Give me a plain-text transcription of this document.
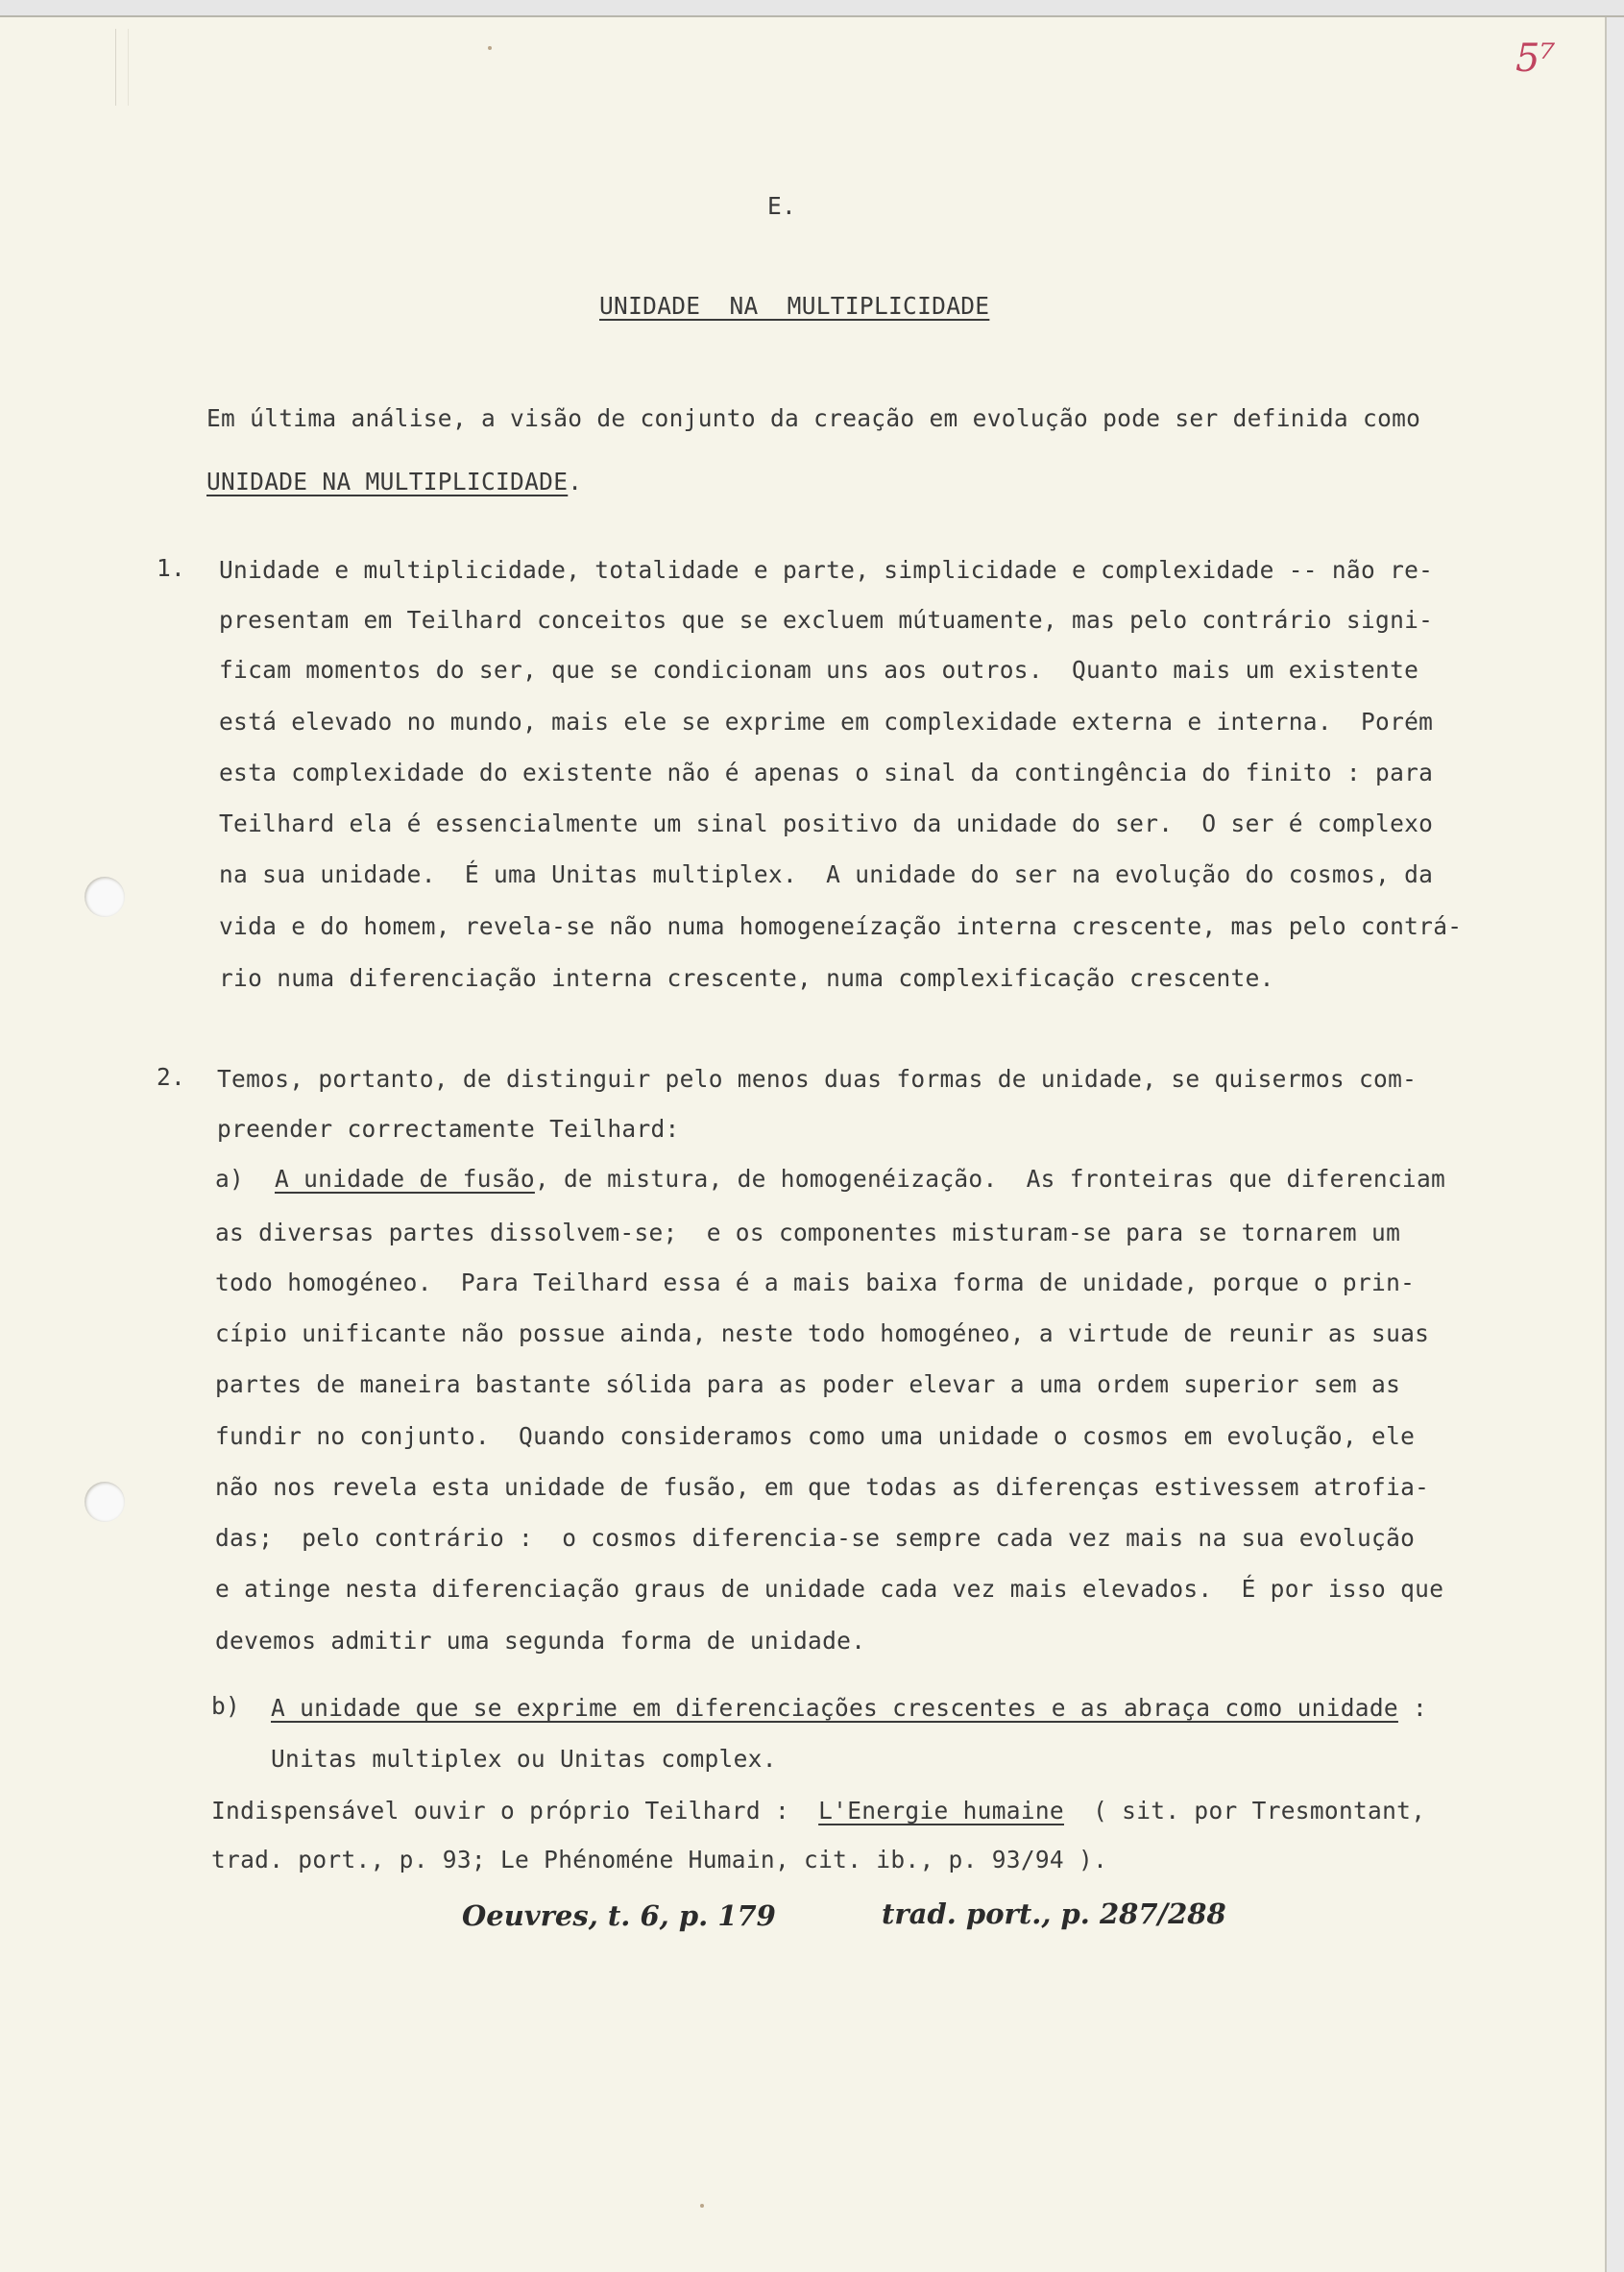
5⁷
E.
UNIDADE  NA  MULTIPLICIDADE
Em última análise, a visão de conjunto da creação em evolução pode ser definida como
UNIDADE NA MULTIPLICIDADE.
1. Unidade e multiplicidade, totalidade e parte, simplicidade e complexidade -- não re-
presentam em Teilhard conceitos que se excluem mútuamente, mas pelo contrário signi-
ficam momentos do ser, que se condicionam uns aos outros.  Quanto mais um existente
está elevado no mundo, mais ele se exprime em complexidade externa e interna.  Porém
esta complexidade do existente não é apenas o sinal da contingência do finito : para
Teilhard ela é essencialmente um sinal positivo da unidade do ser.  O ser é complexo
na sua unidade.  É uma Unitas multiplex.  A unidade do ser na evolução do cosmos, da
vida e do homem, revela-se não numa homogeneízação interna crescente, mas pelo contrá-
rio numa diferenciação interna crescente, numa complexificação crescente.
2. Temos, portanto, de distinguir pelo menos duas formas de unidade, se quisermos com-
preender correctamente Teilhard:
a) A unidade de fusão, de mistura, de homogenéização.  As fronteiras que diferenciam
as diversas partes dissolvem-se;  e os componentes misturam-se para se tornarem um
todo homogéneo.  Para Teilhard essa é a mais baixa forma de unidade, porque o prin-
cípio unificante não possue ainda, neste todo homogéneo, a virtude de reunir as suas
partes de maneira bastante sólida para as poder elevar a uma ordem superior sem as
fundir no conjunto.  Quando consideramos como uma unidade o cosmos em evolução, ele
não nos revela esta unidade de fusão, em que todas as diferenças estivessem atrofia-
das;  pelo contrário :  o cosmos diferencia-se sempre cada vez mais na sua evolução
e atinge nesta diferenciação graus de unidade cada vez mais elevados.  É por isso que
devemos admitir uma segunda forma de unidade.
b) A unidade que se exprime em diferenciações crescentes e as abraça como unidade :
Unitas multiplex ou Unitas complex.
Indispensável ouvir o próprio Teilhard :  L'Energie humaine  ( sit. por Tresmontant,
trad. port., p. 93; Le Phénoméne Humain, cit. ib., p. 93/94 ).
Oeuvres, t. 6, p. 179	trad. port., p. 287/288
